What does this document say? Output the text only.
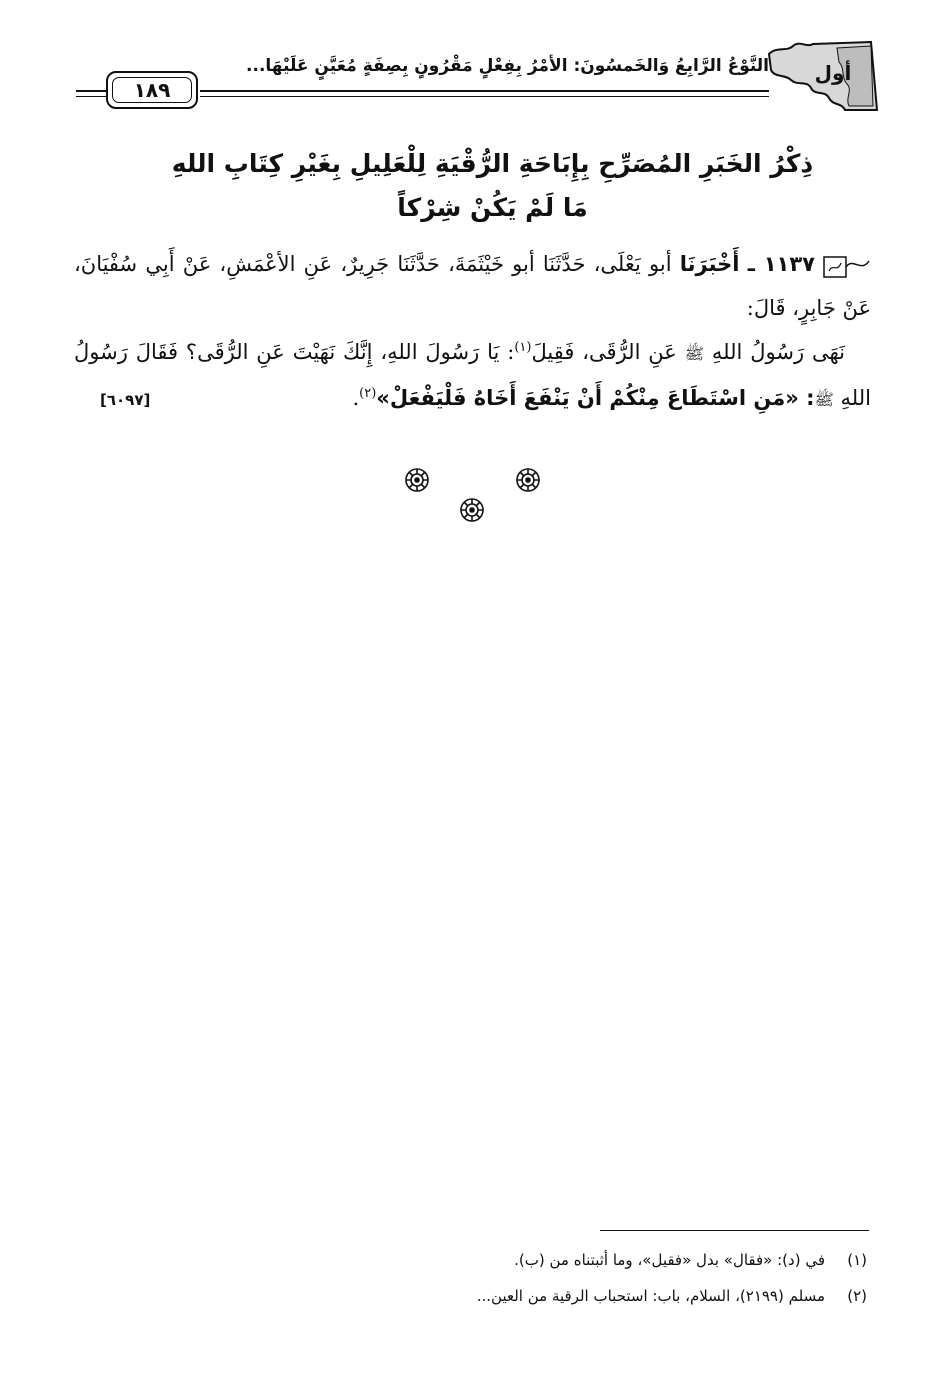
أول
النَّوْعُ الرَّابِعُ وَالخَمسُونَ: الأمْرُ بِفِعْلٍ مَقْرُونٍ بِصِفَةٍ مُعَيَّنٍ عَلَيْهَا...
١٨٩
ذِكْرُ الخَبَرِ المُصَرِّحِ بِإِبَاحَةِ الرُّقْيَةِ لِلْعَلِيلِ بِغَيْرِ كِتَابِ اللهِ
مَا لَمْ يَكُنْ شِرْكاً

١١٣٧ ـ أَخْبَرَنَا أبو يَعْلَى، حَدَّثَنَا أبو خَيْثَمَةَ، حَدَّثَنَا جَرِيرٌ، عَنِ الأعْمَشِ، عَنْ أَبِي سُفْيَانَ، عَنْ جَابِرٍ، قَالَ:

نَهَى رَسُولُ اللهِ ﷺ عَنِ الرُّقَى، فَقِيلَ$^{(١)}$: يَا رَسُولَ اللهِ، إِنَّكَ نَهَيْتَ عَنِ الرُّقَى؟ فَقَالَ رَسُولُ اللهِ ﷺ: «مَنِ اسْتَطَاعَ مِنْكُمْ أَنْ يَنْفَعَ أَخَاهُ فَلْيَفْعَلْ»$^{(٢)}$.
[٦٠٩٧]

(١)في (د): «فقال» بدل «فقيل»، وما أثبتناه من (ب).
(٢)مسلم (٢١٩٩)، السلام، باب: استحباب الرقية من العين...
